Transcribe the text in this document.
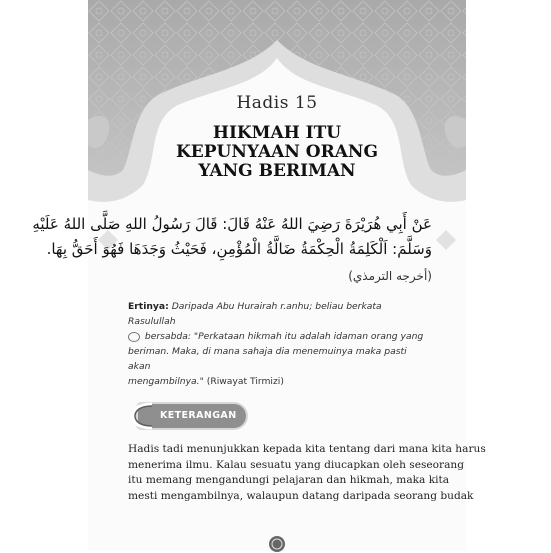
Hadis 15
HIKMAH ITU
KEPUNYAAN ORANG
YANG BERIMAN
عَنْ أَبِي هُرَيْرَةَ رَضِيَ اللهُ عَنْهُ قَالَ: قَالَ رَسُولُ اللهِ صَلَّى اللهُ عَلَيْهِ
وَسَلَّمَ: اَلْكَلِمَةُ الْحِكْمَةُ ضَالَّةُ الْمُؤْمِنِ، فَحَيْثُ وَجَدَهَا فَهُوَ أَحَقُّ بِهَا.
(أخرجه الترمذي)
Ertinya: Daripada Abu Hurairah r.anhu; beliau berkata Rasulullah
bersabda: "Perkataan hikmah itu adalah idaman orang yang
beriman. Maka, di mana sahaja dia menemuinya maka pasti akan
mengambilnya." (Riwayat Tirmizi)
KETERANGAN
Hadis tadi menunjukkan kepada kita tentang dari mana kita harus
menerima ilmu. Kalau sesuatu yang diucapkan oleh seseorang
itu memang mengandungi pelajaran dan hikmah, maka kita
mesti mengambilnya, walaupun datang daripada seorang budak
